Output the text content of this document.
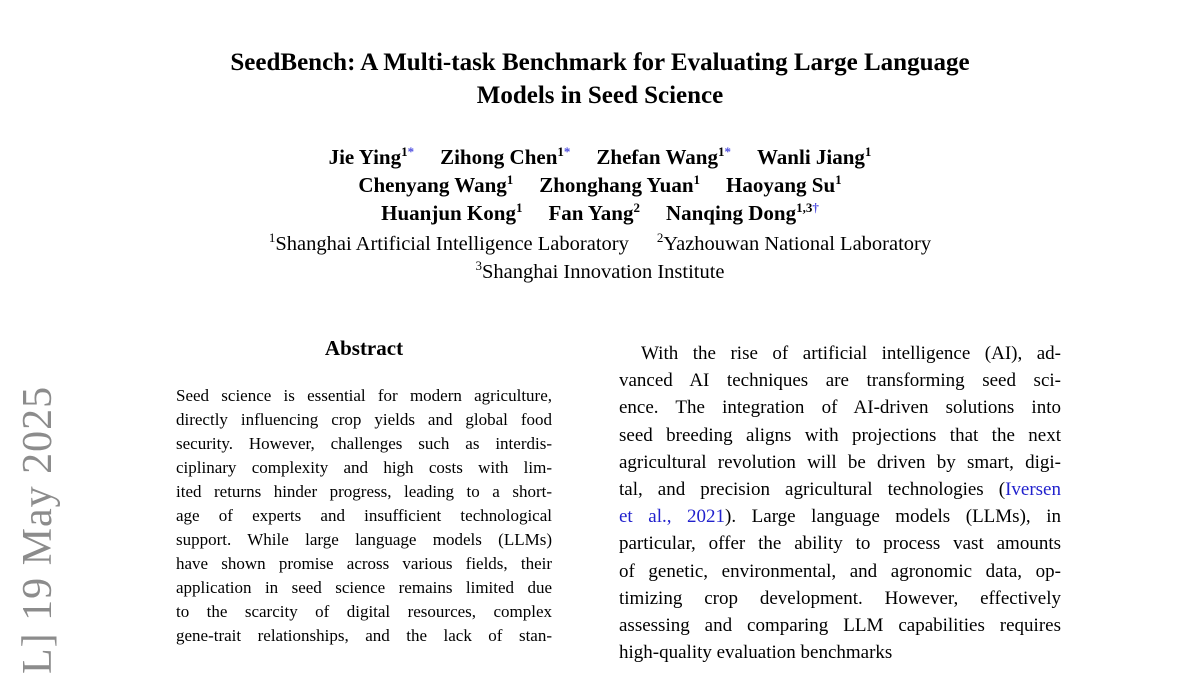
L] 19 May 2025
SeedBench: A Multi-task Benchmark for Evaluating Large Language
Models in Seed Science
Jie Ying$^{1*}$ Zihong Chen$^{1*}$ Zhefan Wang$^{1*}$ Wanli Jiang$^1$
Chenyang Wang$^1$ Zhonghang Yuan$^1$ Haoyang Su$^1$
Huanjun Kong$^1$ Fan Yang$^2$ Nanqing Dong$^{1,3\dagger}$
$^1$Shanghai Artificial Intelligence Laboratory $^2$Yazhouwan National Laboratory
$^3$Shanghai Innovation Institute
Abstract
Seed science is essential for modern agriculture,
directly influencing crop yields and global food
security. However, challenges such as interdis-
ciplinary complexity and high costs with lim-
ited returns hinder progress, leading to a short-
age of experts and insufficient technological
support. While large language models (LLMs)
have shown promise across various fields, their
application in seed science remains limited due
to the scarcity of digital resources, complex
gene-trait relationships, and the lack of stan-
With the rise of artificial intelligence (AI), ad-
vanced AI techniques are transforming seed sci-
ence. The integration of AI-driven solutions into
seed breeding aligns with projections that the next
agricultural revolution will be driven by smart, digi-
tal, and precision agricultural technologies (Iversen
et al., 2021). Large language models (LLMs), in
particular, offer the ability to process vast amounts
of genetic, environmental, and agronomic data, op-
timizing crop development. However, effectively
assessing and comparing LLM capabilities requires
high-quality evaluation benchmarks
